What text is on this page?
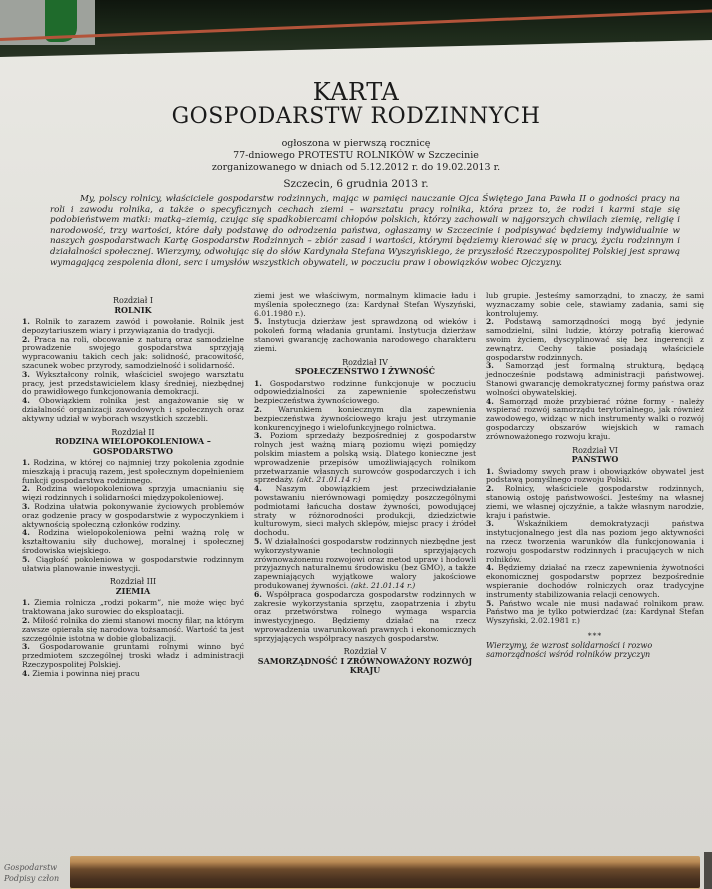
KARTA
GOSPODARSTW RODZINNYCH
ogłoszona w pierwszą rocznicę
77-dniowego PROTESTU ROLNIKÓW w Szczecinie
zorganizowanego w dniach od 5.12.2012 r. do 19.02.2013 r.
Szczecin, 6 grudnia 2013 r.

My, polscy rolnicy, właściciele gospodarstw rodzinnych, mając w pamięci nauczanie Ojca Świętego Jana Pawła II o godności pracy na roli i zawodu rolnika, a także o specyficznych cechach ziemi – warsztatu pracy rolnika, która przez to, że rodzi i karmi staje się podobieństwem matki: matką–ziemią, czując się spadkobiercami chłopów polskich, którzy zachowali w najgorszych chwilach ziemię, religię i narodowość, trzy wartości, które dały podstawę do odrodzenia państwa, ogłaszamy w Szczecinie i podpisywać będziemy indywidualnie w naszych gospodarstwach Kartę Gospodarstw Rodzinnych – zbiór zasad i wartości, którymi będziemy kierować się w pracy, życiu rodzinnym i działalności społecznej. Wierzymy, odwołując się do słów Kardynała Stefana Wyszyńskiego, że przyszłość Rzeczypospolitej Polskiej jest sprawą wymagającą zespolenia dłoni, serc i umysłów wszystkich obywateli, w poczuciu praw i obowiązków wobec Ojczyzny.

Rozdział I
ROLNIK

1. Rolnik to zarazem zawód i powołanie. Rolnik jest depozytariuszem wiary i przywiązania do tradycji.

2. Praca na roli, obcowanie z naturą oraz samodzielne prowadzenie swojego gospodarstwa sprzyjają wypracowaniu takich cech jak: solidność, pracowitość, szacunek wobec przyrody, samodzielność i solidarność.

3. Wykształcony rolnik, właściciel swojego warsztatu pracy, jest przedstawicielem klasy średniej, niezbędnej do prawidłowego funkcjonowania demokracji.

4. Obowiązkiem rolnika jest angażowanie się w działalność organizacji zawodowych i społecznych oraz aktywny udział w wyborach wszystkich szczebli.

Rozdział II
RODZINA WIELOPOKOLENIOWA – GOSPODARSTWO

1. Rodzina, w której co najmniej trzy pokolenia zgodnie mieszkają i pracują razem, jest społecznym dopełnieniem funkcji gospodarstwa rodzinnego.

2. Rodzina wielopokoleniowa sprzyja umacnianiu się więzi rodzinnych i solidarności międzypokoleniowej.

3. Rodzina ułatwia pokonywanie życiowych problemów oraz godzenie pracy w gospodarstwie z wypoczynkiem i aktywnością społeczną członków rodziny.

4. Rodzina wielopokoleniowa pełni ważną rolę w kształtowaniu siły duchowej, moralnej i społecznej środowiska wiejskiego.

5. Ciągłość pokoleniowa w gospodarstwie rodzinnym ułatwia planowanie inwestycji.

Rozdział III
ZIEMIA

1. Ziemia rolnicza „rodzi pokarm”, nie może więc być traktowana jako surowiec do eksploatacji.

2. Miłość rolnika do ziemi stanowi mocny filar, na którym zawsze opierała się narodowa tożsamość. Wartość ta jest szczególnie istotna w dobie globalizacji.

3. Gospodarowanie gruntami rolnymi winno być przedmiotem szczególnej troski władz i administracji Rzeczypospolitej Polskiej.

4. Ziemia i powinna niej pracu

ziemi jest we właściwym, normalnym klimacie ładu i myślenia społecznego (za: Kardynał Stefan Wyszyński, 6.01.1980 r.).

5. Instytucja dzierżaw jest sprawdzoną od wieków i pokoleń formą władania gruntami. Instytucja dzierżaw stanowi gwarancję zachowania narodowego charakteru ziemi.

Rozdział IV
SPOŁECZEŃSTWO I ŻYWNOŚĆ

1. Gospodarstwo rodzinne funkcjonuje w poczuciu odpowiedzialności za zapewnienie społeczeństwu bezpieczeństwa żywnościowego.

2. Warunkiem koniecznym dla zapewnienia bezpieczeństwa żywnościowego kraju jest utrzymanie konkurencyjnego i wielofunkcyjnego rolnictwa.

3. Poziom sprzedaży bezpośredniej z gospodarstw rolnych jest ważną miarą poziomu więzi pomiędzy polskim miastem a polską wsią. Dlatego konieczne jest wprowadzenie przepisów umożliwiających rolnikom przetwarzanie własnych surowców gospodarczych i ich sprzedaży. (akt. 21.01.14 r.)

4. Naszym obowiązkiem jest przeciwdziałanie powstawaniu nierównowagi pomiędzy poszczególnymi podmiotami łańcucha dostaw żywności, powodującej straty w różnorodności produkcji, dziedzictwie kulturowym, sieci małych sklepów, miejsc pracy i źródeł dochodu.

5. W działalności gospodarstw rodzinnych niezbędne jest wykorzystywanie technologii sprzyjających zrównoważonemu rozwojowi oraz metod upraw i hodowli przyjaznych naturalnemu środowisku (bez GMO), a także zapewniających wyjątkowe walory jakościowe produkowanej żywności. (akt. 21.01.14 r.)

6. Współpraca gospodarcza gospodarstw rodzinnych w zakresie wykorzystania sprzętu, zaopatrzenia i zbytu oraz przetwórstwa rolnego wymaga wsparcia inwestycyjnego. Będziemy działać na rzecz wprowadzenia uwarunkowań prawnych i ekonomicznych sprzyjających współpracy naszych gospodarstw.

Rozdział V
SAMORZĄDNOŚĆ I ZRÓWNOWAŻONY ROZWÓJ KRAJU

lub grupie. Jesteśmy samorządni, to znaczy, że sami wyznaczamy sobie cele, stawiamy zadania, sami się kontrolujemy.

2. Podstawą samorządności mogą być jedynie samodzielni, silni ludzie, którzy potrafią kierować swoim życiem, dyscyplinować się bez ingerencji z zewnątrz. Cechy takie posiadają właściciele gospodarstw rodzinnych.

3. Samorząd jest formalną strukturą, będącą jednocześnie podstawą administracji państwowej. Stanowi gwarancję demokratycznej formy państwa oraz wolności obywatelskiej.

4. Samorząd może przybierać różne formy - należy wspierać rozwój samorządu terytorialnego, jak również zawodowego, widząc w nich instrumenty walki o rozwój gospodarczy obszarów wiejskich w ramach zrównoważonego rozwoju kraju.

Rozdział VI
PAŃSTWO

1. Świadomy swych praw i obowiązków obywatel jest podstawą pomyślnego rozwoju Polski.

2. Rolnicy, właściciele gospodarstw rodzinnych, stanowią ostoję państwowości. Jesteśmy na własnej ziemi, we własnej ojczyźnie, a także własnym narodzie, kraju i państwie.

3.	Wskaźnikiem demokratyzacji państwa instytucjonalnego jest dla nas poziom jego aktywności na rzecz tworzenia warunków dla funkcjonowania i rozwoju gospodarstw rodzinnych i pracujących w nich rolników.

4. Będziemy działać na rzecz zapewnienia żywotności ekonomicznej gospodarstw poprzez bezpośrednie wspieranie dochodów rolniczych oraz tradycyjne instrumenty stabilizowania relacji cenowych.

5. Państwo wcale nie musi nadawać rolnikom praw. Państwo ma je tylko potwierdzać (za: Kardynał Stefan Wyszyński, 2.02.1981 r.)

***
Wierzymy, że wzrost solidarności i rozwo
samorządności wśród rolników przyczyn
Gospodarstw
Podpisy człon
